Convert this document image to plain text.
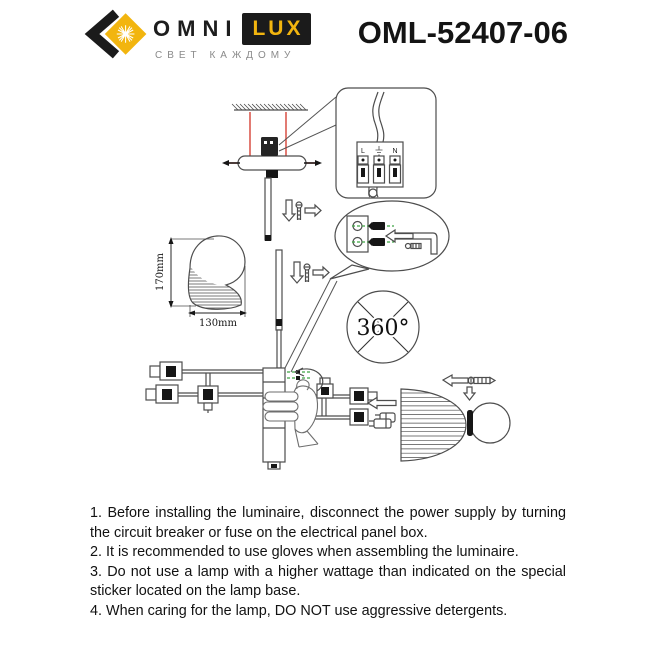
OMNI LUX
СВЕТ КАЖДОМУ
OML-52407-06
L	N
170mm
130mm	360°

1. Before installing the luminaire, disconnect the power supply by turning the circuit breaker or fuse on the electrical panel box.

2. It is recommended to use gloves when assembling the luminaire.

3. Do not use a lamp with a higher wattage than indicated on the special sticker located on the lamp base.

4. When caring for the lamp, DO NOT use aggressive detergents.
